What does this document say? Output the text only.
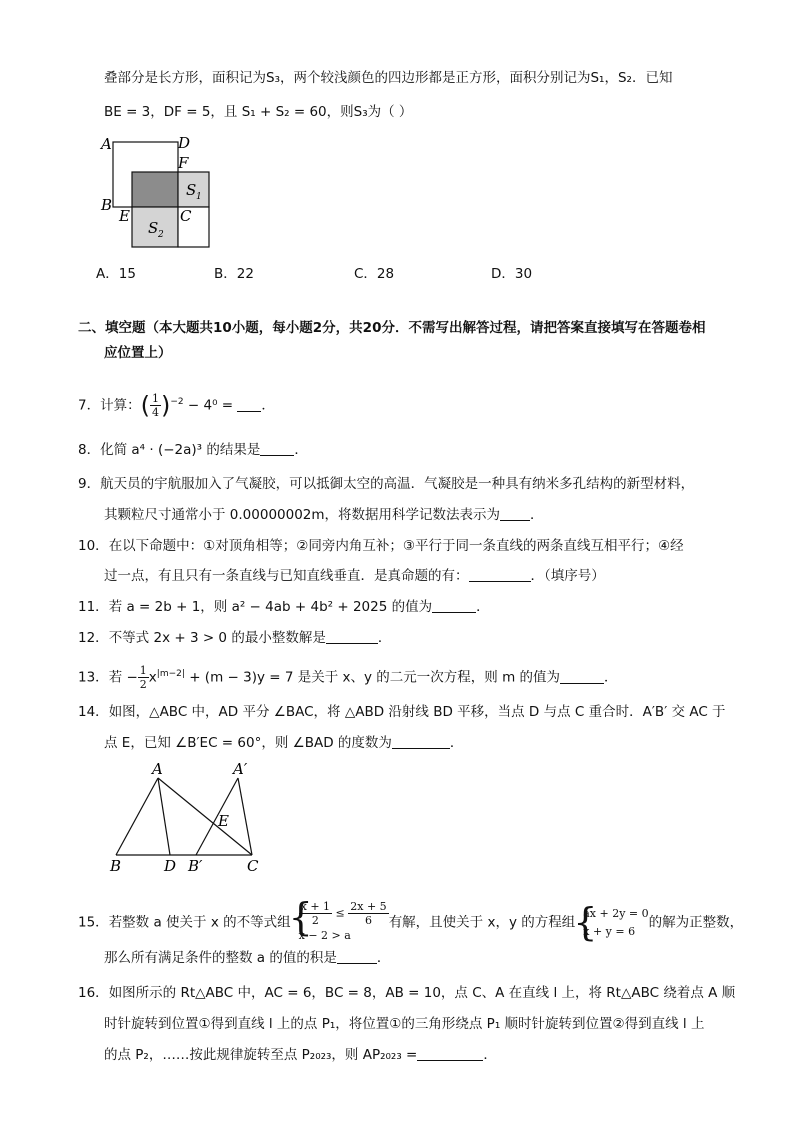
叠部分是长方形，面积记为S₃，两个较浅颜色的四边形都是正方形，面积分别记为S₁，S₂．已知
BE = 3，DF = 5，且 S₁ + S₂ = 60，则S₃为（ ）
A	D
F
B
E	C
S 1
S 2
A．15	B．22	C．28	D．30
二、填空题（本大题共10小题，每小题2分，共20分．不需写出解答过程，请把答案直接填写在答题卷相
应位置上）
7．计算：( $\frac{1}{4} )^{-2} - 4^0$ = ．
8．化简 a⁴ · (−2a)³ 的结果是	．
9．航天员的宇航服加入了气凝胶，可以抵御太空的高温．气凝胶是一种具有纳米多孔结构的新型材料，
其颗粒尺寸通常小于 0.00000002m，将数据用科学记数法表示为 ．
10．在以下命题中：①对顶角相等；②同旁内角互补；③平行于同一条直线的两条直线互相平行；④经
过一点，有且只有一条直线与已知直线垂直．是真命题的有：	．（填序号）
11．若 a = 2b + 1，则 a² − 4ab + 4b² + 2025 的值为	．
12．不等式 2x + 3 > 0 的最小整数解是	．
13．若 − $\frac{1}{2} x^{|m-2|} + (m - 3)y = 7$ 是关于 x、y 的二元一次方程，则 m 的值为	．
14．如图，△ABC 中，AD 平分 ∠BAC，将 △ABD 沿射线 BD 平移，当点 D 与点 C 重合时．A′B′ 交 AC 于
点 E，已知 ∠B′EC = 60°，则 ∠BAD 的度数为	．
A	A′
E
B	D B′	C
15．若整数 a 使关于 x 的不等式组
{ $\frac{x + 1}{2} \le \frac{2x + 5}{6}$
x − 2 > a
有解，且使关于 x，y 的方程组
{ ax + 2y = 0
x + y = 6
的解为正整数，
那么所有满足条件的整数 a 的值的积是	．
16．如图所示的 Rt△ABC 中，AC = 6，BC = 8，AB = 10，点 C、A 在直线 l 上，将 Rt△ABC 绕着点 A 顺
时针旋转到位置①得到直线 l 上的点 P₁，将位置①的三角形绕点 P₁ 顺时针旋转到位置②得到直线 l 上
的点 P₂，……按此规律旋转至点 P₂₀₂₃，则 AP₂₀₂₃ =	．
